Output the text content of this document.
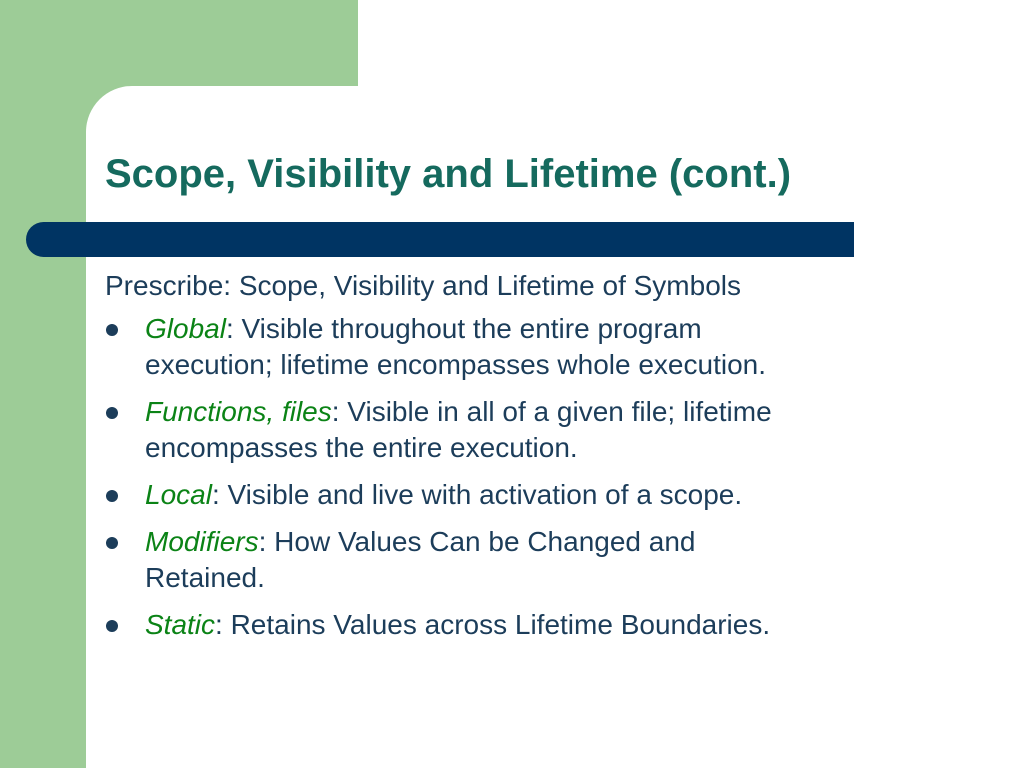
Scope, Visibility and Lifetime (cont.)

Prescribe: Scope, Visibility and Lifetime of Symbols

Global: Visible throughout the entire program
execution; lifetime encompasses whole execution.
Functions, files: Visible in all of a given file; lifetime
encompasses the entire execution.
Local: Visible and live with activation of a scope.
Modifiers: How Values Can be Changed and
Retained.
Static: Retains Values across Lifetime Boundaries.
